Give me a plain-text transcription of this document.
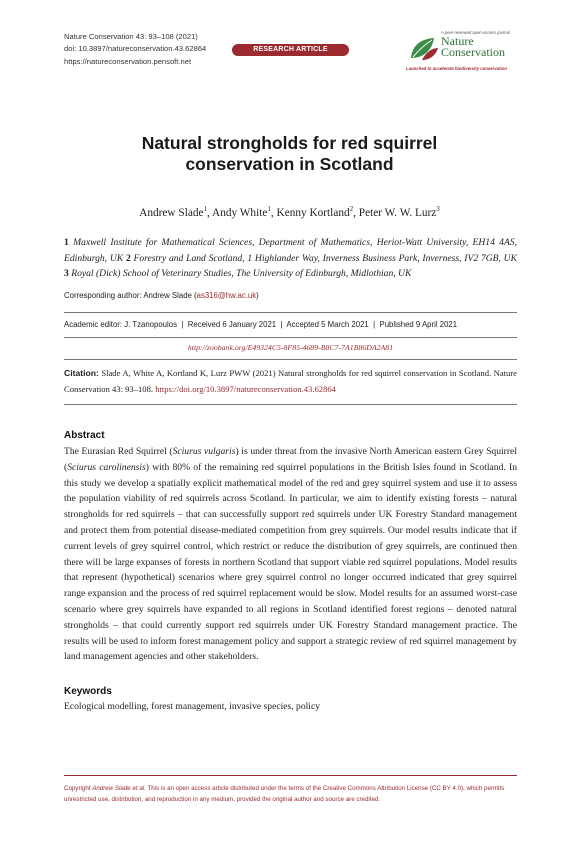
Nature Conservation 43: 93–108 (2021)
doi: 10.3897/natureconservation.43.62864
https://natureconservation.pensoft.net
RESEARCH ARTICLE
A peer-reviewed open-access journal
Nature
Conservation
Launched to accelerate biodiversity conservation
Natural strongholds for red squirrel
conservation in Scotland
Andrew Slade$^1$, Andy White$^1$, Kenny Kortland$^2$, Peter W. W. Lurz$^3$
1 Maxwell Institute for Mathematical Sciences, Department of Mathematics, Heriot-Watt University, EH14 4AS, Edinburgh, UK 2 Forestry and Land Scotland, 1 Highlander Way, Inverness Business Park, Inverness, IV2 7GB, UK 3 Royal (Dick) School of Veterinary Studies, The University of Edinburgh, Midlothian, UK
Corresponding author: Andrew Slade (as316@hw.ac.uk)
Academic editor: J. Tzanopoulos | Received 6 January 2021 | Accepted 5 March 2021 | Published 9 April 2021
http://zoobank.org/E49324C5-8F85-4689-B8C7-7A1B86DA2A81
Citation: Slade A, White A, Kortland K, Lurz PWW (2021) Natural strongholds for red squirrel conservation in Scotland. Nature Conservation 43: 93–108. https://doi.org/10.3897/natureconservation.43.62864
Abstract
The Eurasian Red Squirrel (Sciurus vulgaris) is under threat from the invasive North American eastern Grey Squirrel (Sciurus carolinensis) with 80% of the remaining red squirrel populations in the British Isles found in Scotland. In this study we develop a spatially explicit mathematical model of the red and grey squirrel system and use it to assess the population viability of red squirrels across Scotland. In particular, we aim to identify existing forests – natural strongholds for red squirrels – that can successfully support red squirrels under UK Forestry Standard management and protect them from potential disease-mediated competition from grey squirrels. Our model results indicate that if current levels of grey squirrel control, which restrict or reduce the distribution of grey squirrels, are continued then there will be large expanses of forests in northern Scotland that support viable red squirrel populations. Model results that represent (hypothetical) scenarios where grey squirrel control no longer occurred indicated that grey squirrel range expansion and the process of red squirrel replacement would be slow. Model results for an assumed worst-case scenario where grey squirrels have expanded to all regions in Scotland identified forest regions – denoted natural strongholds – that could currently support red squirrels under UK Forestry Standard management practice. The results will be used to inform forest management policy and support a strategic review of red squirrel management by land management agencies and other stakeholders.
Keywords
Ecological modelling, forest management, invasive species, policy
Copyright Andrew Slade et al. This is an open access article distributed under the terms of the Creative Commons Attribution License (CC BY 4.0), which permits unrestricted use, distribution, and reproduction in any medium, provided the original author and source are credited.
